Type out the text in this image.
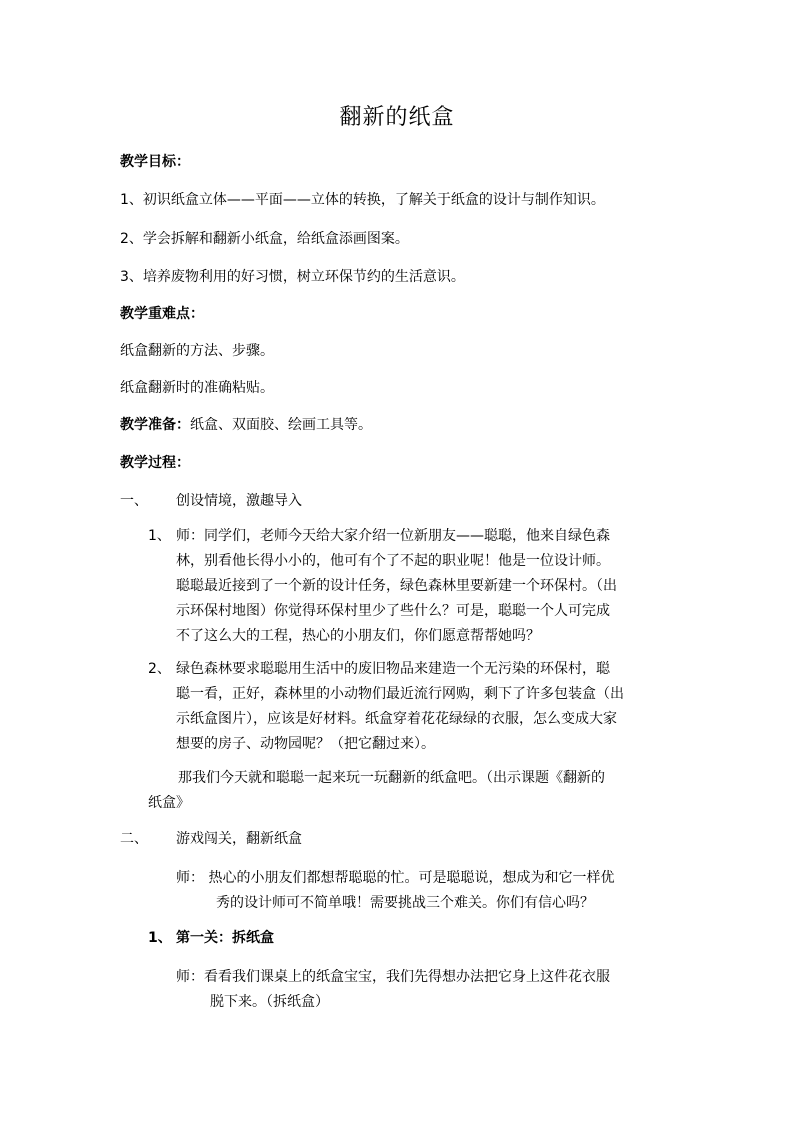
翻新的纸盒
教学目标：
1、初识纸盒立体——平面——立体的转换，了解关于纸盒的设计与制作知识。
2、学会拆解和翻新小纸盒，给纸盒添画图案。
3、培养废物利用的好习惯，树立环保节约的生活意识。
教学重难点：
纸盒翻新的方法、步骤。
纸盒翻新时的准确粘贴。
教学准备：纸盒、双面胶、绘画工具等。
教学过程：
一、 创设情境，激趣导入
1、 师：同学们，老师今天给大家介绍一位新朋友——聪聪，他来自绿色森
林，别看他长得小小的，他可有个了不起的职业呢！他是一位设计师。
聪聪最近接到了一个新的设计任务，绿色森林里要新建一个环保村。（出
示环保村地图）你觉得环保村里少了些什么？可是，聪聪一个人可完成
不了这么大的工程，热心的小朋友们，你们愿意帮帮她吗？
2、 绿色森林要求聪聪用生活中的废旧物品来建造一个无污染的环保村，聪
聪一看，正好，森林里的小动物们最近流行网购，剩下了许多包装盒（出
示纸盒图片），应该是好材料。纸盒穿着花花绿绿的衣服，怎么变成大家
想要的房子、动物园呢？（把它翻过来）。
那我们今天就和聪聪一起来玩一玩翻新的纸盒吧。（出示课题《翻新的
纸盒》
二、 游戏闯关，翻新纸盒
师： 热心的小朋友们都想帮聪聪的忙。可是聪聪说，想成为和它一样优
秀的设计师可不简单哦！需要挑战三个难关。你们有信心吗？
1、 第一关：拆纸盒
师：看看我们课桌上的纸盒宝宝，我们先得想办法把它身上这件花衣服
脱下来。（拆纸盒）
